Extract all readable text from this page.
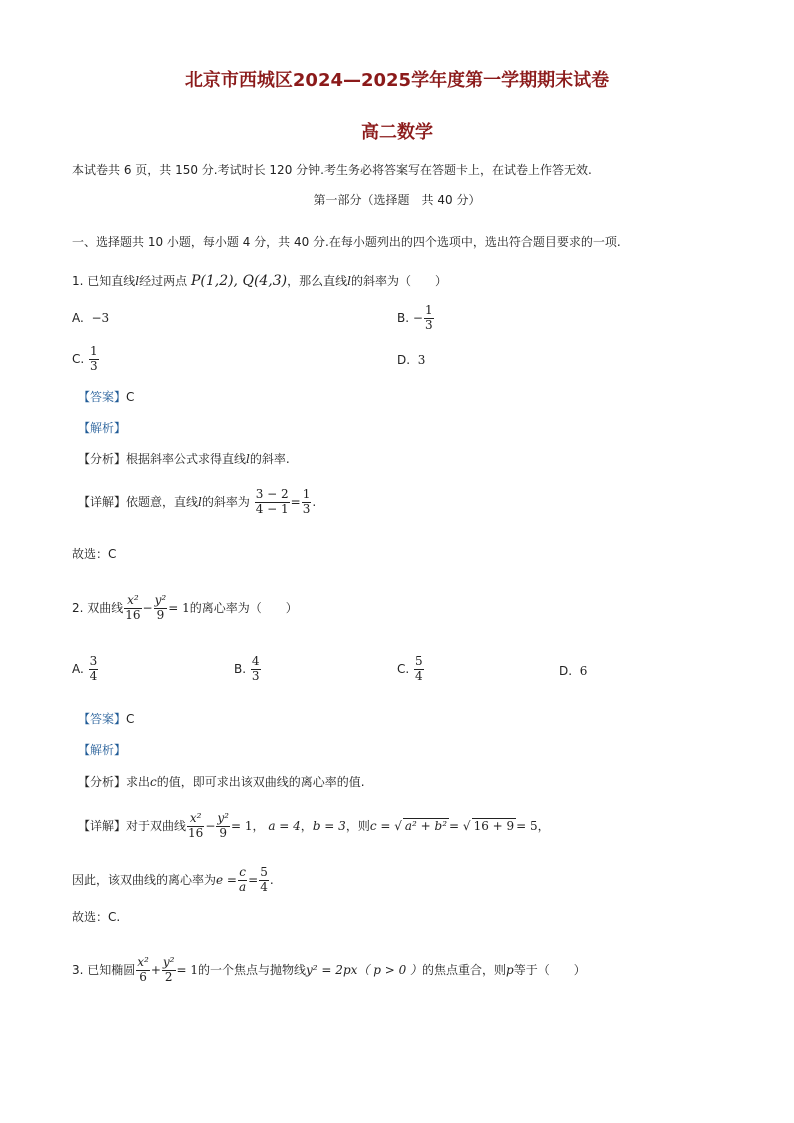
北京市西城区2024—2025学年度第一学期期末试卷
高二数学
本试卷共 6 页，共 150 分.考试时长 120 分钟.考生务必将答案写在答题卡上，在试卷上作答无效.
第一部分（选择题　共 40 分）
一、选择题共 10 小题，每小题 4 分，共 40 分.在每小题列出的四个选项中，选出符合题目要求的一项.
1. 已知直线l经过两点 P(1,2), Q(4,3)，那么直线l的斜率为（　　）
A. −3	B. − $\frac{1}{3}$
C. $\frac{1}{3}$	D. 3
【答案】C
【解析】
【分析】根据斜率公式求得直线l的斜率.
【详解】依题意，直线l的斜率为 $\frac{3 - 2}{4 - 1} = \frac{1}{3}$ .
故选：C
2. 双曲线 $\frac{\text{x²}}{16} - \frac{\text{y²}}{9} = 1$的离心率为（　　）
A. $\frac{3}{4}$	B. $\frac{4}{3}$	C. $\frac{5}{4}$	D. 6
【答案】C
【解析】
【分析】求出c的值，即可求出该双曲线的离心率的值.
【详解】对于双曲线 $\frac{\text{x²}}{16} - \frac{\text{y²}}{9} = 1$， a = 4，b = 3，则c = √ a² + b² = √ 16 + 9 = 5，
因此，该双曲线的离心率为$e = \frac{c}{a} = \frac{5}{4}$ .
故选：C.
3. 已知椭圆 $\frac{\text{x²}}{6} + \frac{\text{y²}}{2} = 1$的一个焦点与抛物线y² = 2px（ p > 0 ）的焦点重合，则p等于（　　）
